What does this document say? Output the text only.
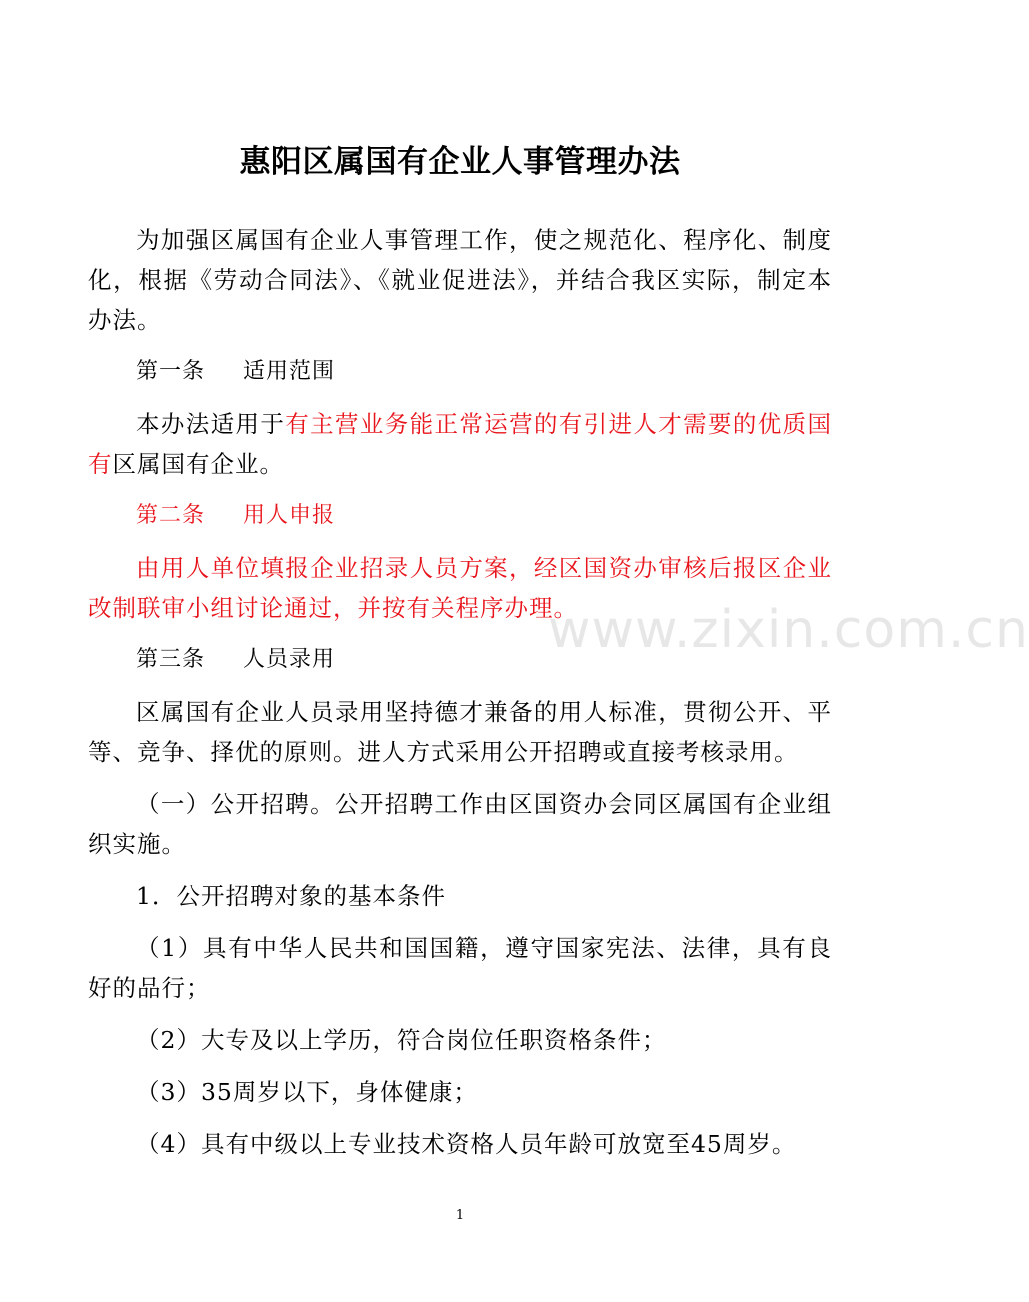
惠阳区属国有企业人事管理办法

为加强区属国有企业人事管理工作，使之规范化、程序化、制度化，根据《劳动合同法》、《就业促进法》，并结合我区实际，制定本办法。

第一条 适用范围

本办法适用于有主营业务能正常运营的有引进人才需要的优质国有区属国有企业。

第二条 用人申报

由用人单位填报企业招录人员方案，经区国资办审核后报区企业改制联审小组讨论通过，并按有关程序办理。

第三条 人员录用

区属国有企业人员录用坚持德才兼备的用人标准，贯彻公开、平等、竞争、择优的原则。进人方式采用公开招聘或直接考核录用。

（一）公开招聘。公开招聘工作由区国资办会同区属国有企业组织实施。

1．公开招聘对象的基本条件

（1）具有中华人民共和国国籍，遵守国家宪法、法律，具有良好的品行；

（2）大专及以上学历，符合岗位任职资格条件；

（3）35周岁以下，身体健康；

（4）具有中级以上专业技术资格人员年龄可放宽至45周岁。

www.zixin.com.cn
1
